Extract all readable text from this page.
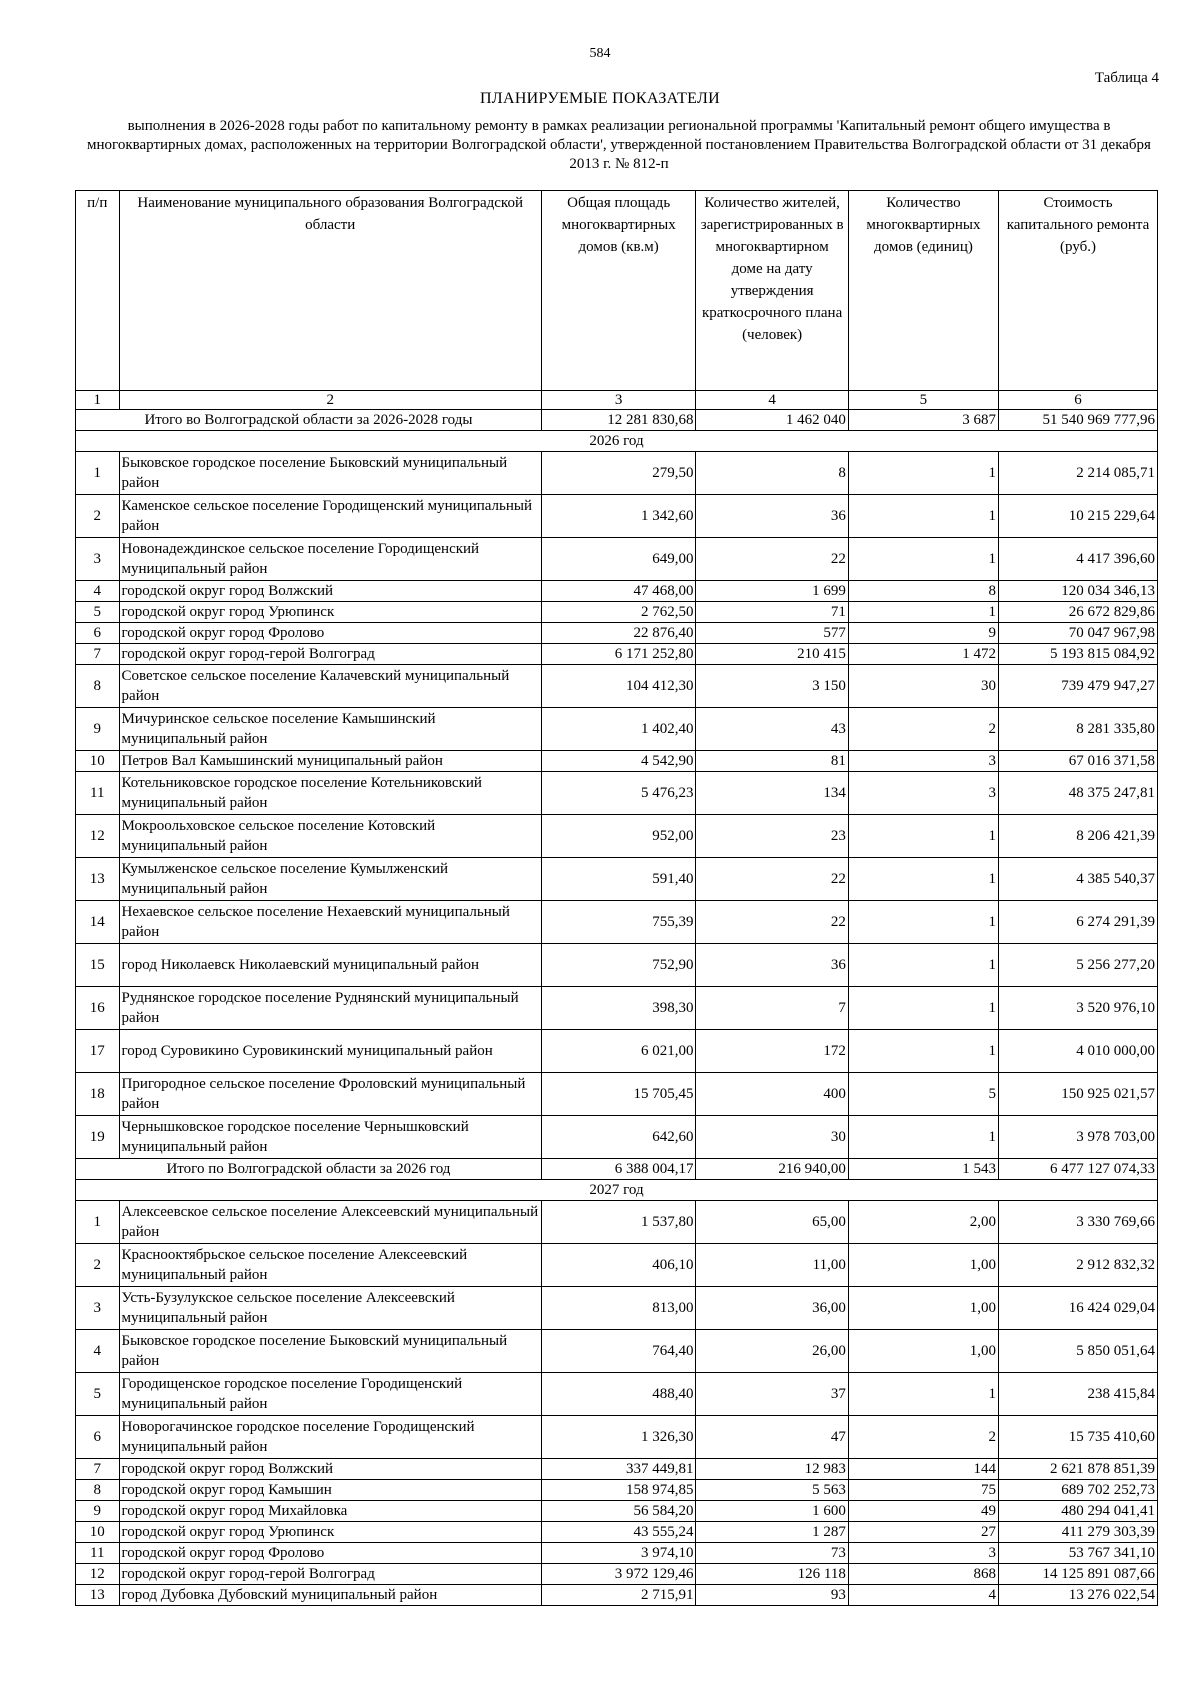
584
Таблица 4
ПЛАНИРУЕМЫЕ ПОКАЗАТЕЛИ
выполнения в 2026-2028 годы работ по капитальному ремонту в рамках реализации региональной программы 'Капитальный ремонт общего имущества в многоквартирных домах, расположенных на территории Волгоградской области', утвержденной постановлением Правительства Волгоградской области от 31 декабря 2013 г. № 812-п
п/п	Наименование муниципального образования Волгоградской области	Общая площадь многоквартирных домов (кв.м)	Количество жителей, зарегистрированных в многоквартирном доме на дату утверждения краткосрочного плана (человек)	Количество многоквартирных домов (единиц)	Стоимость капитального ремонта (руб.)
1	2	3	4	5	6
Итого во Волгоградской области за 2026-2028 годы		12 281 830,68	1 462 040	3 687	51 540 969 777,96
2026 год					
1	Быковское городское поселение Быковский муниципальный район	279,50	8	1	2 214 085,71
2	Каменское сельское поселение Городищенский муниципальный район	1 342,60	36	1	10 215 229,64
3	Новонадеждинское сельское поселение Городищенский муниципальный район	649,00	22	1	4 417 396,60
4	городской округ город Волжский	47 468,00	1 699	8	120 034 346,13
5	городской округ город Урюпинск	2 762,50	71	1	26 672 829,86
6	городской округ город Фролово	22 876,40	577	9	70 047 967,98
7	городской округ город-герой Волгоград	6 171 252,80	210 415	1 472	5 193 815 084,92
8	Советское сельское поселение Калачевский муниципальный район	104 412,30	3 150	30	739 479 947,27
9	Мичуринское сельское поселение Камышинский муниципальный район	1 402,40	43	2	8 281 335,80
10	Петров Вал Камышинский муниципальный район	4 542,90	81	3	67 016 371,58
11	Котельниковское городское поселение Котельниковский муниципальный район	5 476,23	134	3	48 375 247,81
12	Мокроольховское сельское поселение Котовский муниципальный район	952,00	23	1	8 206 421,39
13	Кумылженское сельское поселение Кумылженский муниципальный район	591,40	22	1	4 385 540,37
14	Нехаевское сельское поселение Нехаевский муниципальный район	755,39	22	1	6 274 291,39
15	город Николаевск Николаевский муниципальный район	752,90	36	1	5 256 277,20
16	Руднянское городское поселение Руднянский муниципальный район	398,30	7	1	3 520 976,10
17	город Суровикино Суровикинский муниципальный район	6 021,00	172	1	4 010 000,00
18	Пригородное сельское поселение Фроловский муниципальный район	15 705,45	400	5	150 925 021,57
19	Чернышковское городское поселение Чернышковский муниципальный район	642,60	30	1	3 978 703,00
Итого по Волгоградской области за 2026 год		6 388 004,17	216 940,00	1 543	6 477 127 074,33
2027 год					
1	Алексеевское сельское поселение Алексеевский муниципальный район	1 537,80	65,00	2,00	3 330 769,66
2	Краснооктябрьское сельское поселение Алексеевский муниципальный район	406,10	11,00	1,00	2 912 832,32
3	Усть-Бузулукское сельское поселение Алексеевский муниципальный район	813,00	36,00	1,00	16 424 029,04
4	Быковское городское поселение Быковский муниципальный район	764,40	26,00	1,00	5 850 051,64
5	Городищенское городское поселение Городищенский муниципальный район	488,40	37	1	238 415,84
6	Новорогачинское городское поселение Городищенский муниципальный район	1 326,30	47	2	15 735 410,60
7	городской округ город Волжский	337 449,81	12 983	144	2 621 878 851,39
8	городской округ город Камышин	158 974,85	5 563	75	689 702 252,73
9	городской округ город Михайловка	56 584,20	1 600	49	480 294 041,41
10	городской округ город Урюпинск	43 555,24	1 287	27	411 279 303,39
11	городской округ город Фролово	3 974,10	73	3	53 767 341,10
12	городской округ город-герой Волгоград	3 972 129,46	126 118	868	14 125 891 087,66
13	город Дубовка Дубовский муниципальный район	2 715,91	93	4	13 276 022,54
